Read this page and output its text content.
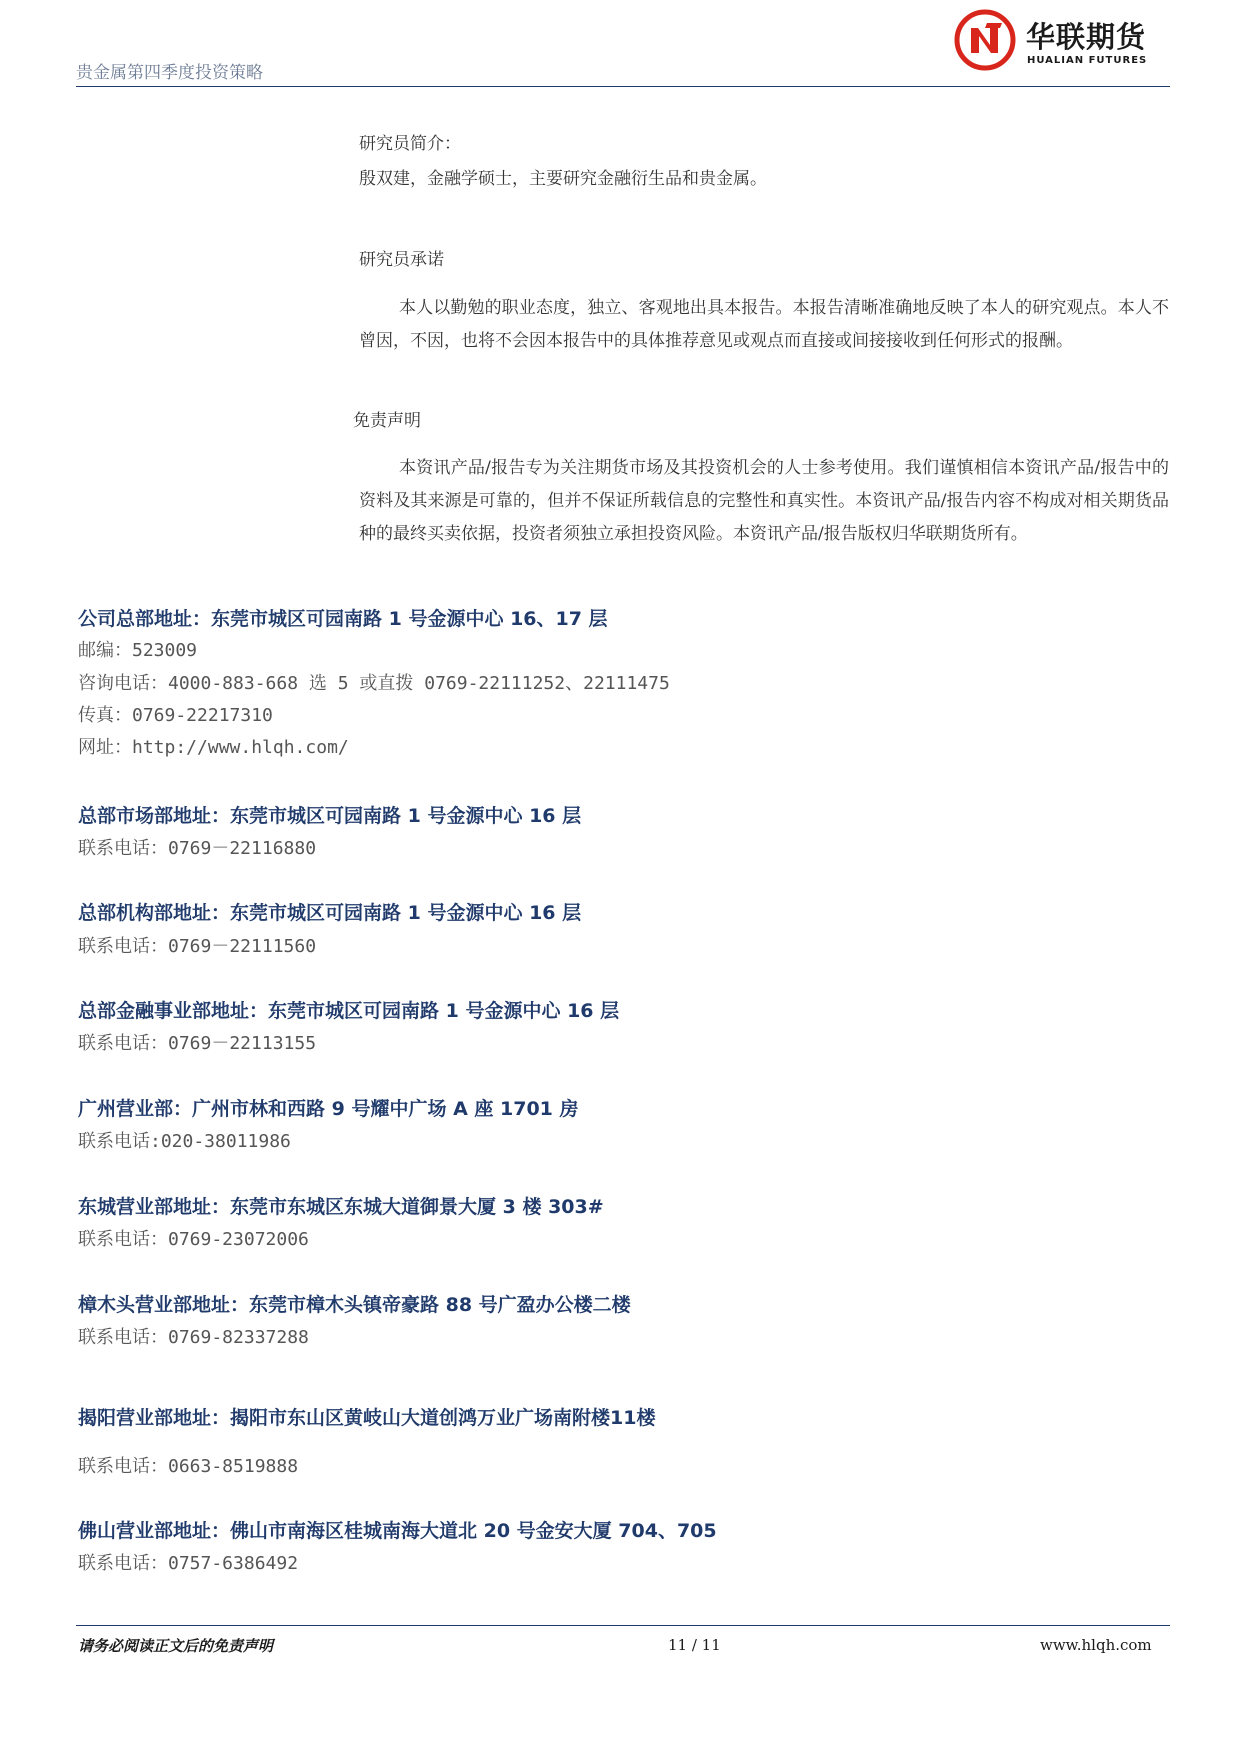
贵金属第四季度投资策略
华联期货
HUALIAN FUTURES
研究员简介：
殷双建，金融学硕士，主要研究金融衍生品和贵金属。
研究员承诺
本人以勤勉的职业态度，独立、客观地出具本报告。本报告清晰准确地反映了本人的研究观点。本人不曾因，不因，也将不会因本报告中的具体推荐意见或观点而直接或间接接收到任何形式的报酬。
免责声明
本资讯产品/报告专为关注期货市场及其投资机会的人士参考使用。我们谨慎相信本资讯产品/报告中的资料及其来源是可靠的，但并不保证所载信息的完整性和真实性。本资讯产品/报告内容不构成对相关期货品种的最终买卖依据，投资者须独立承担投资风险。本资讯产品/报告版权归华联期货所有。
公司总部地址：东莞市城区可园南路 1 号金源中心 16、17 层
邮编：523009
咨询电话：4000-883-668 选 5 或直拨 0769-22111252、22111475
传真：0769-22217310
网址：http://www.hlqh.com/
总部市场部地址：东莞市城区可园南路 1 号金源中心 16 层
联系电话：0769－22116880
总部机构部地址：东莞市城区可园南路 1 号金源中心 16 层
联系电话：0769－22111560
总部金融事业部地址：东莞市城区可园南路 1 号金源中心 16 层
联系电话：0769－22113155
广州营业部：广州市林和西路 9 号耀中广场 A 座 1701 房
联系电话:020-38011986
东城营业部地址：东莞市东城区东城大道御景大厦 3 楼 303#
联系电话：0769-23072006
樟木头营业部地址：东莞市樟木头镇帝豪路 88 号广盈办公楼二楼
联系电话：0769-82337288
揭阳营业部地址：揭阳市东山区黄岐山大道创鸿万业广场南附楼11楼
联系电话：0663-8519888
佛山营业部地址：佛山市南海区桂城南海大道北 20 号金安大厦 704、705
联系电话：0757-6386492
请务必阅读正文后的免责声明	11 / 11	www.hlqh.com
